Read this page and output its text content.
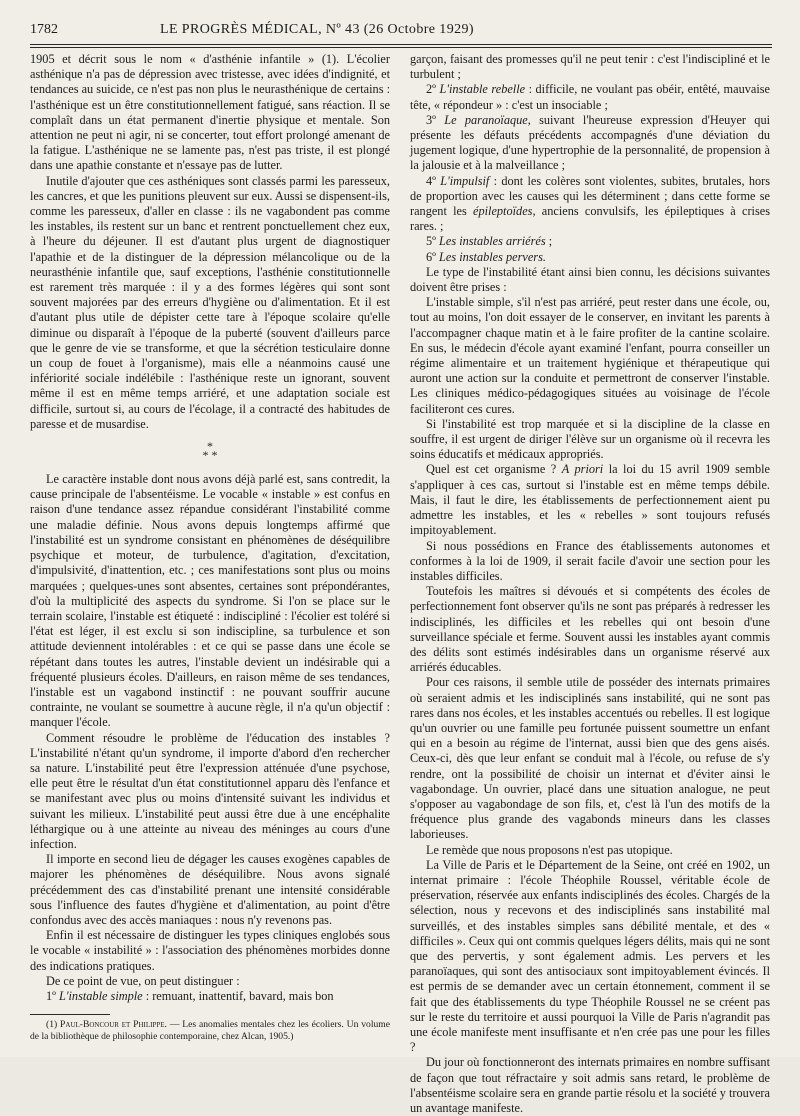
1782	LE PROGRÈS MÉDICAL, Nº 43 (26 Octobre 1929)

1905 et décrit sous le nom « d'asthénie infantile » (1). L'écolier asthénique n'a pas de dépression avec tristesse, avec idées d'indignité, et tendances au suicide, ce n'est pas non plus le neurasthénique de certains : l'asthénique est un être constitutionnellement fatigué, sans réaction. Il se complaît dans un état permanent d'inertie physique et mentale. Son attention ne peut ni agir, ni se concerter, tout effort prolongé amenant de la fatigue. L'asthénique ne se lamente pas, n'est pas triste, il est plongé dans une apathie constante et n'essaye pas de lutter.

Inutile d'ajouter que ces asthéniques sont classés parmi les paresseux, les cancres, et que les punitions pleuvent sur eux. Aussi se dispensent-ils, comme les paresseux, d'aller en classe : ils ne vagabondent pas comme les instables, ils restent sur un banc et rentrent ponctuellement chez eux, à l'heure du déjeuner. Il est d'autant plus urgent de diagnostiquer l'apathie et de la distinguer de la dépression mélancolique ou de la neurasthénie infantile que, sauf exceptions, l'asthénie constitutionnelle est rarement très marquée : il y a des formes légères qui sont sont souvent majorées par des erreurs d'hygiène ou d'alimentation. Et il est d'autant plus utile de dépister cette tare à l'époque scolaire qu'elle diminue ou disparaît à l'époque de la puberté (souvent d'ailleurs parce que le genre de vie se transforme, et que la sécrétion testiculaire donne un coup de fouet à l'organisme), mais elle a néanmoins causé une infériorité sociale indélébile : l'asthénique reste un ignorant, souvent même il est en même temps arriéré, et une adaptation sociale est difficile, surtout si, au cours de l'écolage, il a contracté des habitudes de paresse et de musardise.

*
* *

Le caractère instable dont nous avons déjà parlé est, sans contredit, la cause principale de l'absentéisme. Le vocable « instable » est confus en raison d'une tendance assez répandue considérant l'instabilité comme une maladie définie. Nous avons depuis longtemps affirmé que l'instabilité est un syndrome consistant en phénomènes de déséquilibre psychique et moteur, de turbulence, d'agitation, d'excitation, d'impulsivité, d'inattention, etc. ; ces manifestations sont plus ou moins marquées ; quelques-unes sont absentes, certaines sont prépondérantes, d'où la multiplicité des aspects du syndrome. Si l'on se place sur le terrain scolaire, l'instable est étiqueté : indiscipliné : l'écolier est toléré si l'état est léger, il est exclu si son indiscipline, sa turbulence et son attitude deviennent intolérables : et ce qui se passe dans une école se répétant dans toutes les autres, l'instable devient un indésirable qui a fréquenté plusieurs écoles. D'ailleurs, en raison même de ses tendances, l'instable est un vagabond instinctif : ne pouvant souffrir aucune contrainte, ne voulant se soumettre à aucune règle, il n'a qu'un objectif : manquer l'école.

Comment résoudre le problème de l'éducation des instables ? L'instabilité n'étant qu'un syndrome, il importe d'abord d'en rechercher sa nature. L'instabilité peut être l'expression atténuée d'une psychose, elle peut être le résultat d'un état constitutionnel apparu dès l'enfance et se manifestant avec plus ou moins d'intensité suivant les individus et suivant les milieux. L'instabilité peut aussi être due à une encéphalite léthargique ou à une atteinte au niveau des méninges au cours d'une infection.

Il importe en second lieu de dégager les causes exogènes capables de majorer les phénomènes de déséquilibre. Nous avons signalé précédemment des cas d'instabilité prenant une intensité considérable sous l'influence des fautes d'hygiène et d'alimentation, au point d'être confondus avec des accès maniaques : nous n'y revenons pas.

Enfin il est nécessaire de distinguer les types cliniques englobés sous le vocable « instabilité » : l'association des phénomènes morbides donne des indications pratiques.

De ce point de vue, on peut distinguer :

1º L'instable simple : remuant, inattentif, bavard, mais bon

(1) Paul-Boncour et Philippe. — Les anomalies mentales chez les écoliers. Un volume de la bibliothèque de philosophie contemporaine, chez Alcan, 1905.)

garçon, faisant des promesses qu'il ne peut tenir : c'est l'indiscipliné et le turbulent ;

2º L'instable rebelle : difficile, ne voulant pas obéir, entêté, mauvaise tête, « répondeur » : c'est un insociable ;

3º Le paranoïaque, suivant l'heureuse expression d'Heuyer qui présente les défauts précédents accompagnés d'une déviation du jugement logique, d'une hypertrophie de la personnalité, de propension à la jalousie et à la malveillance ;

4º L'impulsif : dont les colères sont violentes, subites, brutales, hors de proportion avec les causes qui les déterminent ; dans cette forme se rangent les épileptoïdes, anciens convulsifs, les épileptiques à crises rares. ;

5º Les instables arriérés ;

6º Les instables pervers.

Le type de l'instabilité étant ainsi bien connu, les décisions suivantes doivent être prises :

L'instable simple, s'il n'est pas arriéré, peut rester dans une école, ou, tout au moins, l'on doit essayer de le conserver, en invitant les parents à l'accompagner chaque matin et à le faire profiter de la cantine scolaire. En sus, le médecin d'école ayant examiné l'enfant, pourra conseiller un régime alimentaire et un traitement hygiénique et thérapeutique qui auront une action sur la conduite et permettront de conserver l'instable. Les cliniques médico-pédagogiques situées au voisinage de l'école faciliteront ces cures.

Si l'instabilité est trop marquée et si la discipline de la classe en souffre, il est urgent de diriger l'élève sur un organisme où il recevra les soins éducatifs et médicaux appropriés.

Quel est cet organisme ? A priori la loi du 15 avril 1909 semble s'appliquer à ces cas, surtout si l'instable est en même temps débile. Mais, il faut le dire, les établissements de perfectionnement aient pu admettre les instables, et les « rebelles » sont toujours refusés impitoyablement.

Si nous possédions en France des établissements autonomes et conformes à la loi de 1909, il serait facile d'avoir une section pour les instables difficiles.

Toutefois les maîtres si dévoués et si compétents des écoles de perfectionnement font observer qu'ils ne sont pas préparés à redresser les indisciplinés, les difficiles et les rebelles qui ont besoin d'une surveillance spéciale et ferme. Souvent aussi les instables ayant commis des délits sont estimés indésirables dans un organisme réservé aux arriérés éducables.

Pour ces raisons, il semble utile de posséder des internats primaires où seraient admis et les indisciplinés sans instabilité, qui ne sont pas rares dans nos écoles, et les instables accentués ou rebelles. Il est logique qu'un ouvrier ou une famille peu fortunée puissent soumettre un enfant qui en a besoin au régime de l'internat, aussi bien que des gens aisés. Ceux-ci, dès que leur enfant se conduit mal à l'école, ou refuse de s'y rendre, ont la possibilité de choisir un internat et d'éviter ainsi le vagabondage. Un ouvrier, placé dans une situation analogue, ne peut s'opposer au vagabondage de son fils, et, c'est là l'un des motifs de la fréquence plus grande des vagabonds mineurs dans les classes laborieuses.

Le remède que nous proposons n'est pas utopique.

La Ville de Paris et le Département de la Seine, ont créé en 1902, un internat primaire : l'école Théophile Roussel, véritable école de préservation, réservée aux enfants indisciplinés des écoles. Chargés de la sélection, nous y recevons et des indisciplinés sans instabilité mal surveillés, et des instables simples sans débilité mentale, et des « difficiles ». Ceux qui ont commis quelques légers délits, mais qui ne sont que des pervertis, y sont également admis. Les pervers et les paranoïaques, qui sont des antisociaux sont impitoyablement évincés. Il est permis de se demander avec un certain étonnement, comment il se fait que des établissements du type Théophile Roussel ne se créent pas sur le reste du territoire et aussi pourquoi la Ville de Paris n'agrandit pas une école manifeste ment insuffisante et n'en crée pas une pour les filles ?

Du jour où fonctionneront des internats primaires en nombre suffisant de façon que tout réfractaire y soit admis sans retard, le problème de l'absentéisme scolaire sera en grande partie résolu et la société y trouvera un avantage manifeste.
